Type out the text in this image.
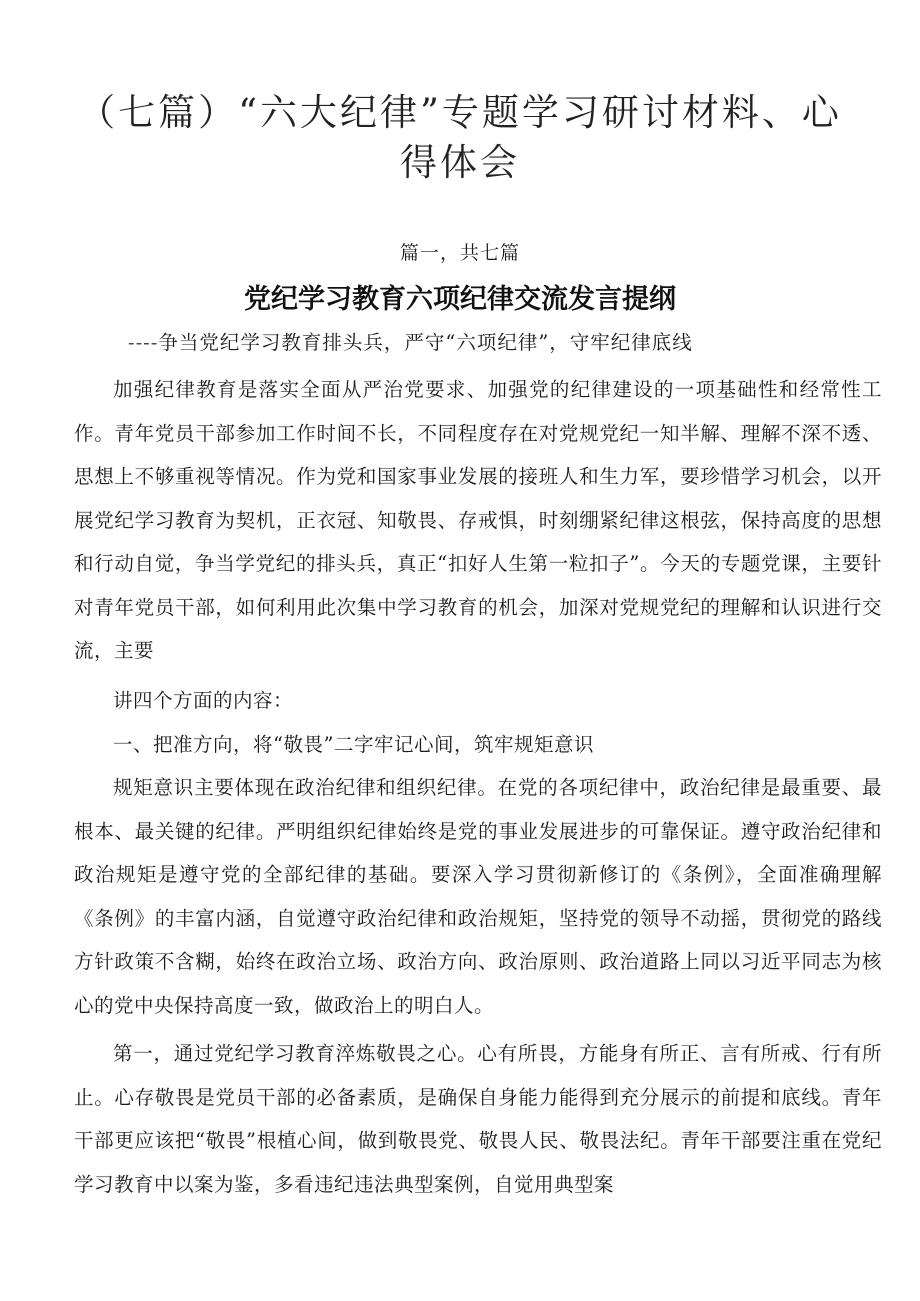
（七篇）“六大纪律”专题学习研讨材料、心得体会
篇一，共七篇
党纪学习教育六项纪律交流发言提纲
----争当党纪学习教育排头兵，严守“六项纪律”，守牢纪律底线

加强纪律教育是落实全面从严治党要求、加强党的纪律建设的一项基础性和经常性工作。青年党员干部参加工作时间不长，不同程度存在对党规党纪一知半解、理解不深不透、思想上不够重视等情况。作为党和国家事业发展的接班人和生力军，要珍惜学习机会，以开展党纪学习教育为契机，正衣冠、知敬畏、存戒惧，时刻绷紧纪律这根弦，保持高度的思想和行动自觉，争当学党纪的排头兵，真正“扣好人生第一粒扣子”。今天的专题党课，主要针对青年党员干部，如何利用此次集中学习教育的机会，加深对党规党纪的理解和认识进行交流，主要

讲四个方面的内容：

一、把准方向，将“敬畏”二字牢记心间，筑牢规矩意识

规矩意识主要体现在政治纪律和组织纪律。在党的各项纪律中，政治纪律是最重要、最根本、最关键的纪律。严明组织纪律始终是党的事业发展进步的可靠保证。遵守政治纪律和政治规矩是遵守党的全部纪律的基础。要深入学习贯彻新修订的《条例》，全面准确理解《条例》的丰富内涵，自觉遵守政治纪律和政治规矩，坚持党的领导不动摇，贯彻党的路线方针政策不含糊，始终在政治立场、政治方向、政治原则、政治道路上同以习近平同志为核心的党中央保持高度一致，做政治上的明白人。

第一，通过党纪学习教育淬炼敬畏之心。心有所畏，方能身有所正、言有所戒、行有所止。心存敬畏是党员干部的必备素质，是确保自身能力能得到充分展示的前提和底线。青年干部更应该把“敬畏”根植心间，做到敬畏党、敬畏人民、敬畏法纪。青年干部要注重在党纪学习教育中以案为鉴，多看违纪违法典型案例，自觉用典型案
